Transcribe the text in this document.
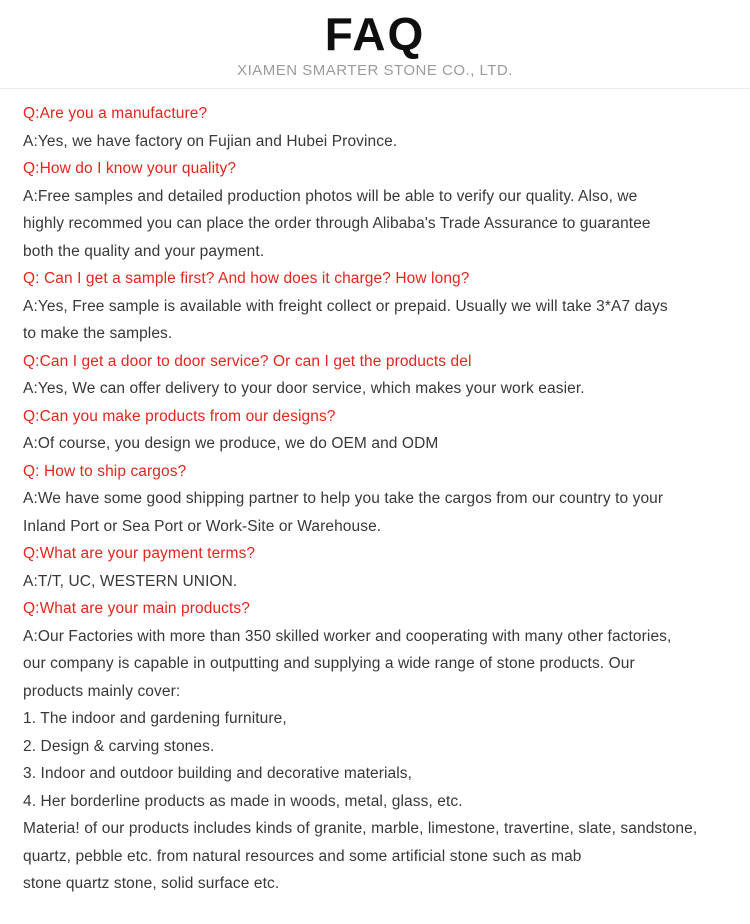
FAQ
XIAMEN SMARTER STONE CO., LTD.

Q:Are you a manufacture?

A:Yes, we have factory on Fujian and Hubei Province.

Q:How do I know your quality?

A:Free samples and detailed production photos will be able to verify our quality. Also, we

highly recommed you can place the order through Alibaba's Trade Assurance to guarantee

both the quality and your payment.

Q: Can I get a sample first? And how does it charge? How long?

A:Yes, Free sample is available with freight collect or prepaid. Usually we will take 3*A7 days

to make the samples.

Q:Can I get a door to door service? Or can I get the products del

A:Yes, We can offer delivery to your door service, which makes your work easier.

Q:Can you make products from our designs?

A:Of course, you design we produce, we do OEM and ODM

Q: How to ship cargos?

A:We have some good shipping partner to help you take the cargos from our country to your

Inland Port or Sea Port or Work-Site or Warehouse.

Q:What are your payment terms?

A:T/T, UC, WESTERN UNION.

Q:What are your main products?

A:Our Factories with more than 350 skilled worker and cooperating with many other factories,

our company is capable in outputting and supplying a wide range of stone products. Our

products mainly cover:

1. The indoor and gardening furniture,

2. Design & carving stones.

3. Indoor and outdoor building and decorative materials,

4. Her borderline products as made in woods, metal, glass, etc.

Materia! of our products includes kinds of granite, marble, limestone, travertine, slate, sandstone,

quartz, pebble etc. from natural resources and some artificial stone such as mab

stone quartz stone, solid surface etc.
